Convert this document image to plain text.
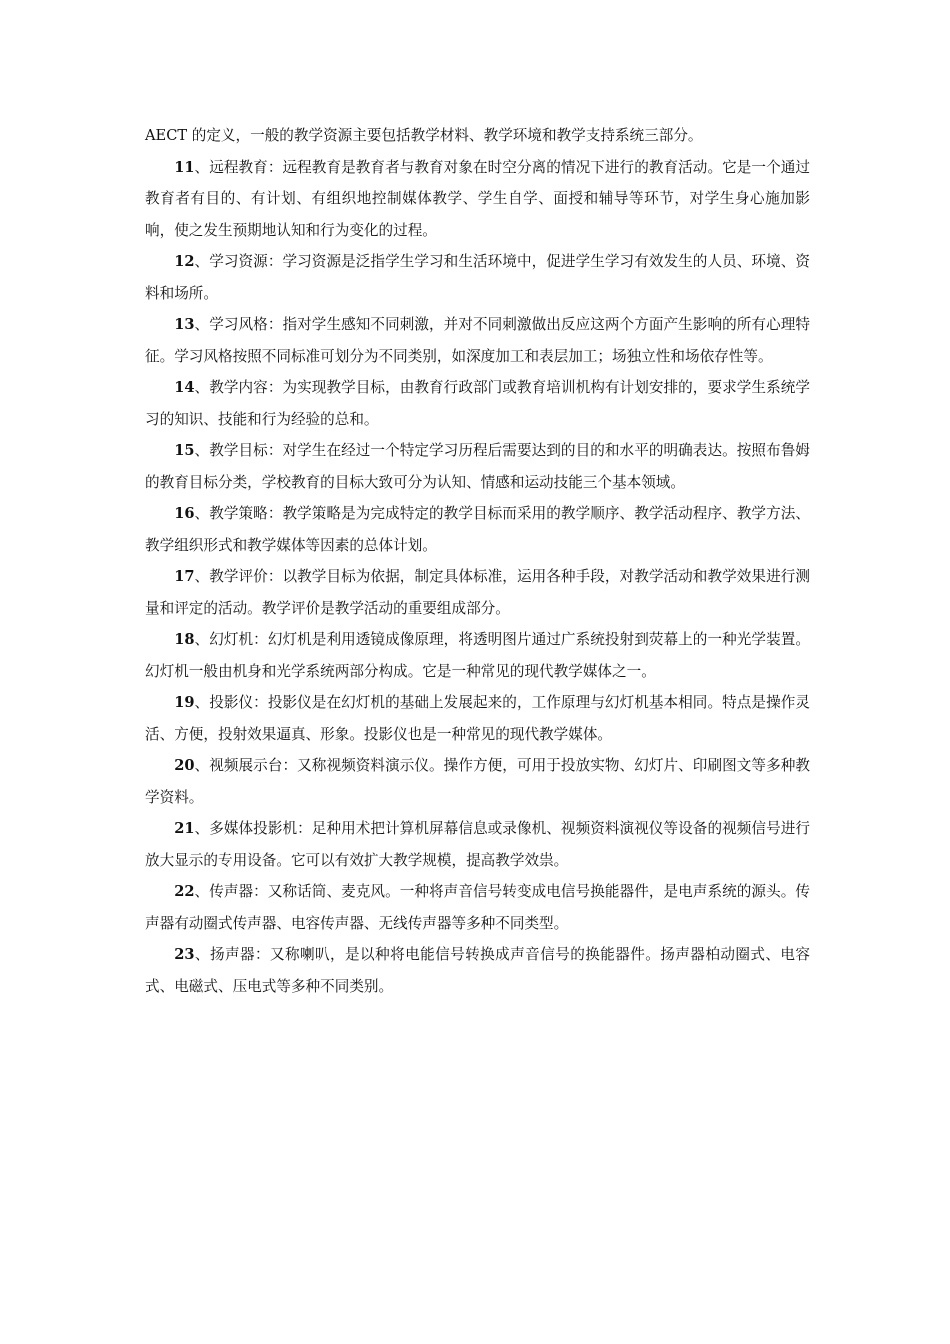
AECT 的定义，一般的教学资源主要包括教学材料、教学环境和教学支持系统三部分。

11、远程教育：远程教育是教育者与教育对象在时空分离的情况下进行的教育活动。它是一个通过教育者有目的、有计划、有组织地控制媒体教学、学生自学、面授和辅导等环节，对学生身心施加影响，使之发生预期地认知和行为变化的过程。

12、学习资源：学习资源是泛指学生学习和生活环境中，促进学生学习有效发生的人员、环境、资料和场所。

13、学习风格：指对学生感知不同刺激，并对不同刺激做出反应这两个方面产生影响的所有心理特征。学习风格按照不同标准可划分为不同类别，如深度加工和表层加工；场独立性和场依存性等。

14、教学内容：为实现教学目标，由教育行政部门或教育培训机构有计划安排的，要求学生系统学习的知识、技能和行为经验的总和。

15、教学目标：对学生在经过一个特定学习历程后需要达到的目的和水平的明确表达。按照布鲁姆的教育目标分类，学校教育的目标大致可分为认知、情感和运动技能三个基本领域。

16、教学策略：教学策略是为完成特定的教学目标而采用的教学顺序、教学活动程序、教学方法、教学组织形式和教学媒体等因素的总体计划。

17、教学评价：以教学目标为依据，制定具体标准，运用各种手段，对教学活动和教学效果进行测量和评定的活动。教学评价是教学活动的重要组成部分。

18、幻灯机：幻灯机是利用透镜成像原理，将透明图片通过广系统投射到荧幕上的一种光学装置。幻灯机一般由机身和光学系统两部分构成。它是一种常见的现代教学媒体之一。

19、投影仪：投影仪是在幻灯机的基础上发展起来的，工作原理与幻灯机基本相同。特点是操作灵活、方便，投射效果逼真、形象。投影仪也是一种常见的现代教学媒体。

20、视频展示台：又称视频资料演示仪。操作方便，可用于投放实物、幻灯片、印刷图文等多种教学资料。

21、多媒体投影机：足种用术把计算机屏幕信息或录像机、视频资料演视仪等设备的视频信号进行放大显示的专用设备。它可以有效扩大教学规模，提高教学效祟。

22、传声器：又称话筒、麦克风。一种将声音信号转变成电信号换能器件，是电声系统的源头。传声器有动圈式传声器、电容传声器、无线传声器等多种不同类型。

23、扬声器：又称喇叭，是以种将电能信号转换成声音信号的换能器件。扬声器柏动圈式、电容式、电磁式、压电式等多种不同类别。
